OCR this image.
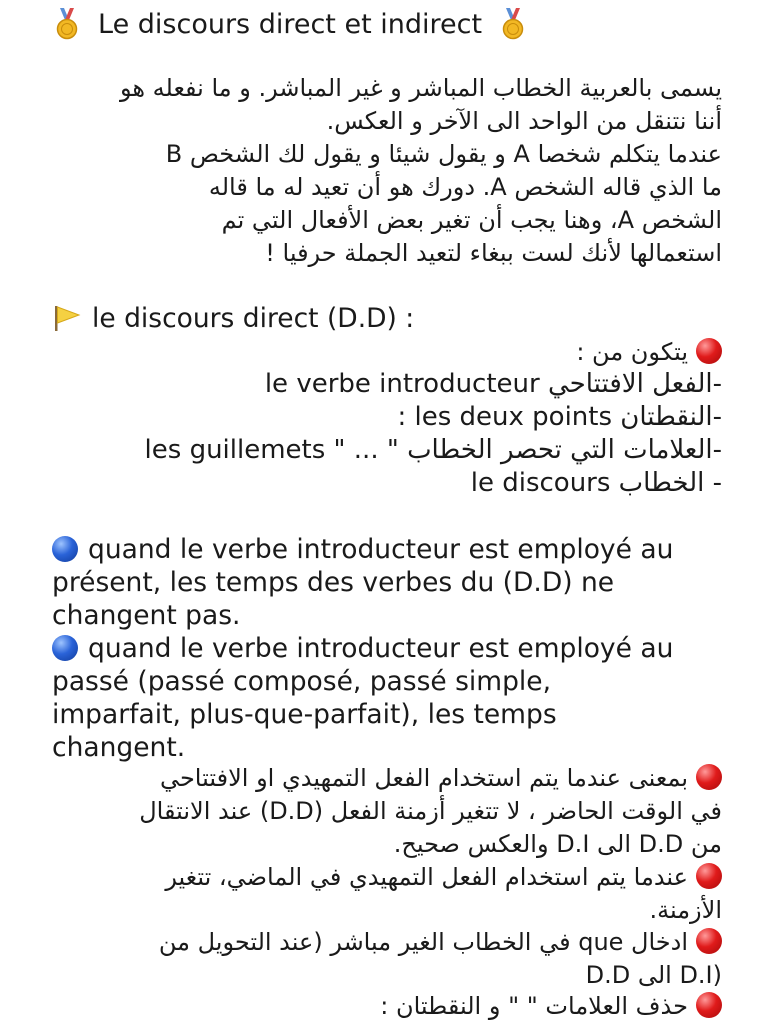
Le discours direct et indirect
يسمى بالعربية الخطاب المباشر و غير المباشر. و ما نفعله هو
أننا نتنقل من الواحد الى الآخر و العكس.
عندما يتكلم شخصا A و يقول شيئا و يقول لك الشخص B
ما الذي قاله الشخص A. دورك هو أن تعيد له ما قاله
الشخص A، وهنا يجب أن تغير بعض الأفعال التي تم
استعمالها لأنك لست ببغاء لتعيد الجملة حرفيا !
le discours direct (D.D) :
يتكون من :
-الفعل الافتتاحي le verbe introducteur
-النقطتان les deux points :
-العلامات التي تحصر الخطاب " ... " les guillemets
- الخطاب le discours
quand le verbe introducteur est employé au
présent, les temps des verbes du (D.D) ne
changent pas.
quand le verbe introducteur est employé au
passé (passé composé, passé simple,
imparfait, plus-que-parfait), les temps
changent.
بمعنى عندما يتم استخدام الفعل التمهيدي او الافتتاحي
في الوقت الحاضر ، لا تتغير أزمنة الفعل (D.D) عند الانتقال
من D.D الى D.I والعكس صحيح.
عندما يتم استخدام الفعل التمهيدي في الماضي، تتغير
الأزمنة.
ادخال que في الخطاب الغير مباشر (عند التحويل من
D.D الى D.I)
حذف العلامات " " و النقطتان :
